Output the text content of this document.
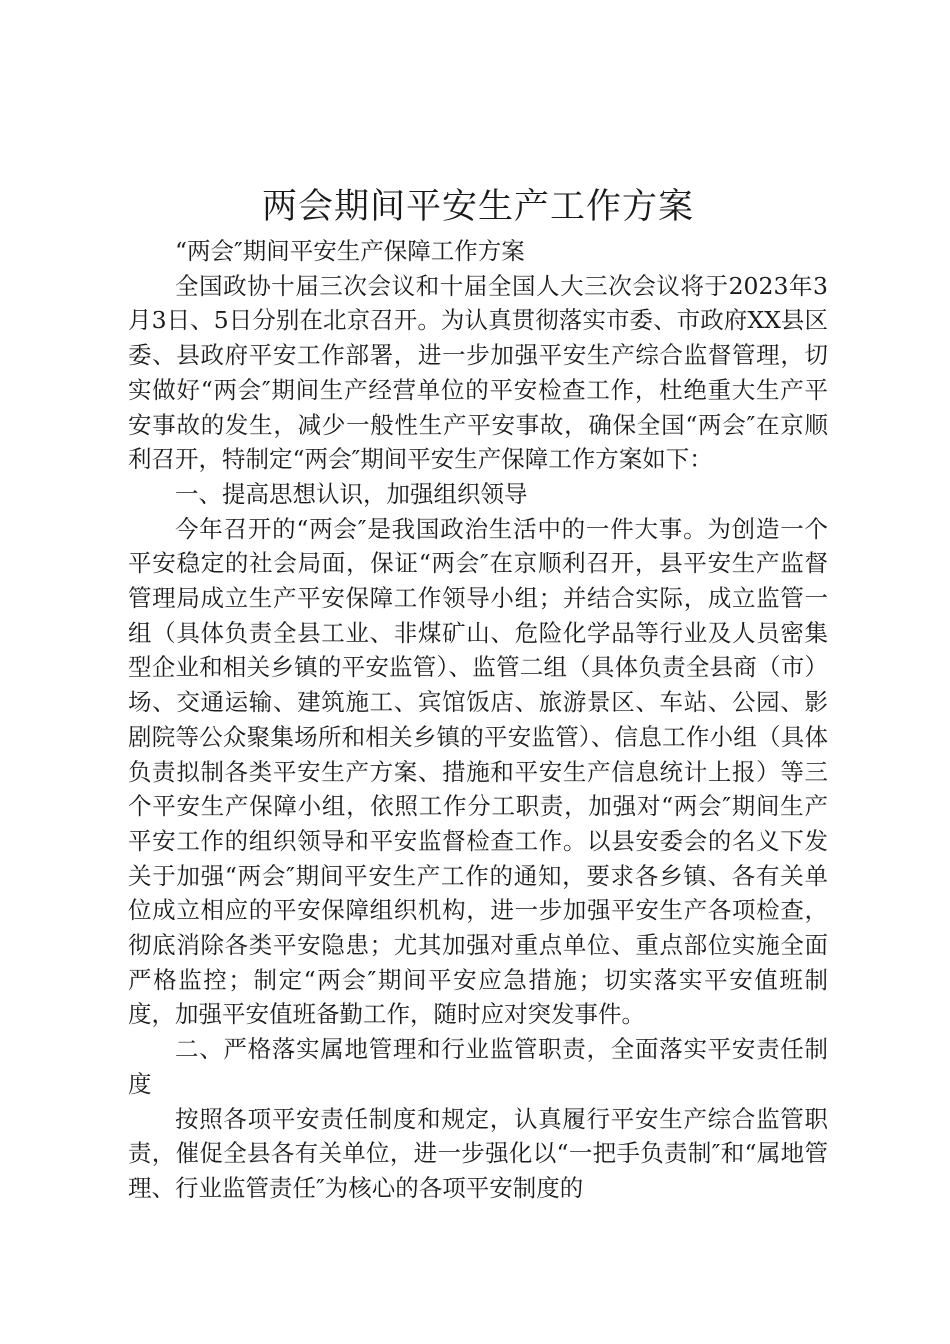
两会期间平安生产工作方案

“两会″期间平安生产保障工作方案

全国政协十届三次会议和十届全国人大三次会议将于2023年3月3日、5日分别在北京召开。为认真贯彻落实市委、市政府XX县区委、县政府平安工作部署，进一步加强平安生产综合监督管理，切实做好“两会″期间生产经营单位的平安检查工作，杜绝重大生产平安事故的发生，减少一般性生产平安事故，确保全国“两会″在京顺利召开，特制定“两会″期间平安生产保障工作方案如下：

一、提高思想认识，加强组织领导

今年召开的“两会″是我国政治生活中的一件大事。为创造一个平安稳定的社会局面，保证“两会″在京顺利召开，县平安生产监督管理局成立生产平安保障工作领导小组；并结合实际，成立监管一组（具体负责全县工业、非煤矿山、危险化学品等行业及人员密集型企业和相关乡镇的平安监管）、监管二组（具体负责全县商（市）场、交通运输、建筑施工、宾馆饭店、旅游景区、车站、公园、影剧院等公众聚集场所和相关乡镇的平安监管）、信息工作小组（具体负责拟制各类平安生产方案、措施和平安生产信息统计上报）等三个平安生产保障小组，依照工作分工职责，加强对“两会″期间生产平安工作的组织领导和平安监督检查工作。以县安委会的名义下发关于加强“两会″期间平安生产工作的通知，要求各乡镇、各有关单位成立相应的平安保障组织机构，进一步加强平安生产各项检查，彻底消除各类平安隐患；尤其加强对重点单位、重点部位实施全面严格监控；制定“两会″期间平安应急措施；切实落实平安值班制度，加强平安值班备勤工作，随时应对突发事件。

二、严格落实属地管理和行业监管职责，全面落实平安责任制度

按照各项平安责任制度和规定，认真履行平安生产综合监管职责，催促全县各有关单位，进一步强化以“一把手负责制″和“属地管理、行业监管责任″为核心的各项平安制度的
